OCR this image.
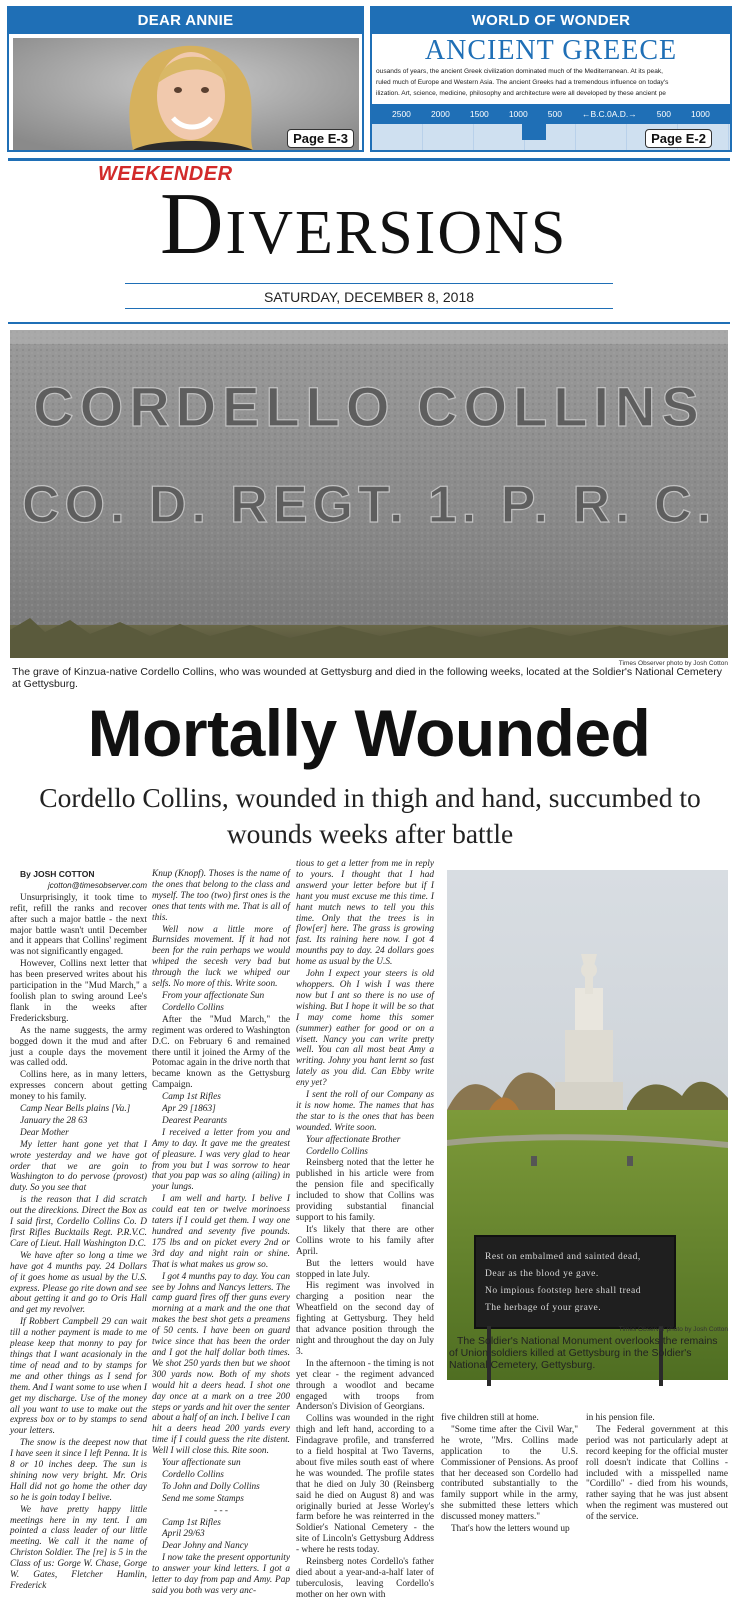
DEAR ANNIE
Page E-3
WORLD OF WONDER
ANCIENT GREECE
ousands of years, the ancient Greek civilization dominated much of the Mediterranean. At its peak,
ruled much of Europe and Western Asia. The ancient Greeks had a tremendous influence on today's
ilization. Art, science, medicine, philosophy and architecture were all developed by these ancient pe
2500 2000 1500 1000 500 ←B.C.0A.D.→ 500 1000
Page E-2
WEEKENDER
Diversions
SATURDAY, DECEMBER 8, 2018
CORDELLO COLLINS
CO. D. REGT. 1. P. R. C.
Times Observer photo by Josh Cotton
The grave of Kinzua-native Cordello Collins, who was wounded at Gettysburg and died in the following weeks, located at the Soldier's National Cemetery at Gettysburg.
Mortally Wounded
Cordello Collins, wounded in thigh and hand, succumbed to wounds weeks after battle

By JOSH COTTON

jcotton@timesobserver.com

Unsurprisingly, it took time to refit, refill the ranks and recover after such a major battle - the next major battle wasn't until December and it appears that Collins' regiment was not significantly engaged.

However, Collins next letter that has been preserved writes about his participation in the "Mud March," a foolish plan to swing around Lee's flank in the weeks after Fredericksburg.

As the name suggests, the army bogged down it the mud and after just a couple days the movement was called odd.

Collins here, as in many letters, expresses concern about getting money to his family.

Camp Near Bells plains [Va.]

January the 28 63

Dear Mother

My letter hant gone yet that I wrote yesterday and we have got order that we are goin to Washington to do pervose (provost) duty. So you see that

is the reason that I did scratch out the direckions. Direct the Box as I said first, Cordello Collins Co. D first Rifles Bucktails Regt. P.R.V.C. Care of Lieut. Hall Washington D.C.

We have after so long a time we have got 4 munths pay. 24 Dollars of it goes home as usual by the U.S. express. Please go rite down and see about getting it and go to Oris Hall and get my revolver.

If Robbert Campbell 29 can wait till a nother payment is made to me please keep that monny to pay for things that I want acasionaly in the time of nead and to by stamps for me and other things as I send for them. And I want some to use when I get my discharge. Use of the money all you want to use to make out the express box or to by stamps to send your letters.

The snow is the deepest now that I have seen it since I left Penna. It is 8 or 10 inches deep. The sun is shining now very bright. Mr. Oris Hall did not go home the other day so he is goin today I belive.

We have pretty happy little meetings here in my tent. I am pointed a class leader of our little meeting. We call it the name of Christon Soldier. The [re] is 5 in the Class of us: Gorge W. Chase, Gorge W. Gates, Fletcher Hamlin, Frederick

Knup (Knopf). Thoses is the name of the ones that belong to the class and myself. The too (two) first ones is the ones that tents with me. That is all of this.

Well now a little more of Burnsides movement. If it had not been for the rain perhaps we would whiped the secesh very bad but through the luck we whiped our selfs. No more of this. Write soon.

From your affectionate Sun

Cordello Collins

After the "Mud March," the regiment was ordered to Washington D.C. on February 6 and remained there until it joined the Army of the Potomac again in the drive north that became known as the Gettysburg Campaign.

Camp 1st Rifles

Apr 29 [1863]

Dearest Pearants

I received a letter from you and Amy to day. It gave me the greatest of pleasure. I was very glad to hear from you but I was sorrow to hear that you pap was so aling (ailing) in your lungs.

I am well and harty. I belive I could eat ten or twelve morinoess taters if I could get them. I way one hundred and seventy five pounds. 175 lbs and on picket every 2nd or 3rd day and night rain or shine. That is what makes us grow so.

I got 4 munths pay to day. You can see by Johns and Nancys letters. The camp guard fires off ther guns every morning at a mark and the one that makes the best shot gets a preamens of 50 cents. I have been on guard twice since that has been the order and I got the half dollar both times. We shot 250 yards then but we shoot 300 yards now. Both of my shots would hit a deers head. I shot one day once at a mark on a tree 200 steps or yards and hit over the senter about a half of an inch. I belive I can hit a deers head 200 yards every time if I could guess the rite distent. Well I will close this. Rite soon.

Your affectionate sun

Cordello Collins

To John and Dolly Collins

Send me some Stamps

- - -

Camp 1st Rifles

April 29/63

Dear Johny and Nancy

I now take the present opportunity to answer your kind letters. I got a letter to day from pap and Amy. Pap said you both was very anc-

tious to get a letter from me in reply to yours. I thought that I had answerd your letter before but if I hant you must excuse me this time. I hant mutch news to tell you this time. Only that the trees is in flow[er] here. The grass is growing fast. Its raining here now. I got 4 mounths pay to day. 24 dollars goes home as usual by the U.S.

John I expect your steers is old whoppers. Oh I wish I was there now but I ant so there is no use of wishing. But I hope it will be so that I may come home this somer (summer) eather for good or on a visett. Nancy you can write pretty well. You can all most beat Amy a writing. Johny you hant lernt so fast lately as you did. Can Ebby write eny yet?

I sent the roll of our Company as it is now home. The names that has the star to is the ones that has been wounded. Write soon.

Your affectionate Brother

Cordello Collins

Reinsberg noted that the letter he published in his article were from the pension file and specifically included to show that Collins was providing substantial financial support to his family.

It's likely that there are other Collins wrote to his family after April.

But the letters would have stopped in late July.

His regiment was involved in charging a position near the Wheatfield on the second day of fighting at Gettysburg. They held that advance position through the night and throughout the day on July 3.

In the afternoon - the timing is not yet clear - the regiment advanced through a woodlot and became engaged with troops from Anderson's Division of Georgians.

Collins was wounded in the right thigh and left hand, according to a Findagrave profile, and transferred to a field hospital at Two Taverns, about five miles south east of where he was wounded. The profile states that he died on July 30 (Reinsberg said he died on August 8) and was originally buried at Jesse Worley's farm before he was reinterred in the Soldier's National Cemetery - the site of Lincoln's Gettysburg Address - where he rests today.

Reinsberg notes Cordello's father died about a year-and-a-half later of tuberculosis, leaving Cordello's mother on her own with

Rest on embalmed and sainted dead,
Dear as the blood ye gave.
No impious footstep here shall tread
The herbage of your grave.
Times Observer photo by Josh Cotton
The Soldier's National Monument overlooks the remains of Union soldiers killed at Gettysburg in the Soldier's National Cemetery, Gettysburg.

five children still at home.

"Some time after the Civil War," he wrote, "Mrs. Collins made application to the U.S. Commissioner of Pensions. As proof that her deceased son Cordello had contributed substantially to the family support while in the army, she submitted these letters which discussed money matters."

That's how the letters wound up

in his pension file.

The Federal government at this period was not particularly adept at record keeping for the official muster roll doesn't indicate that Collins - included with a misspelled name "Cordillo" - died from his wounds, rather saying that he was just absent when the regiment was mustered out of the service.
